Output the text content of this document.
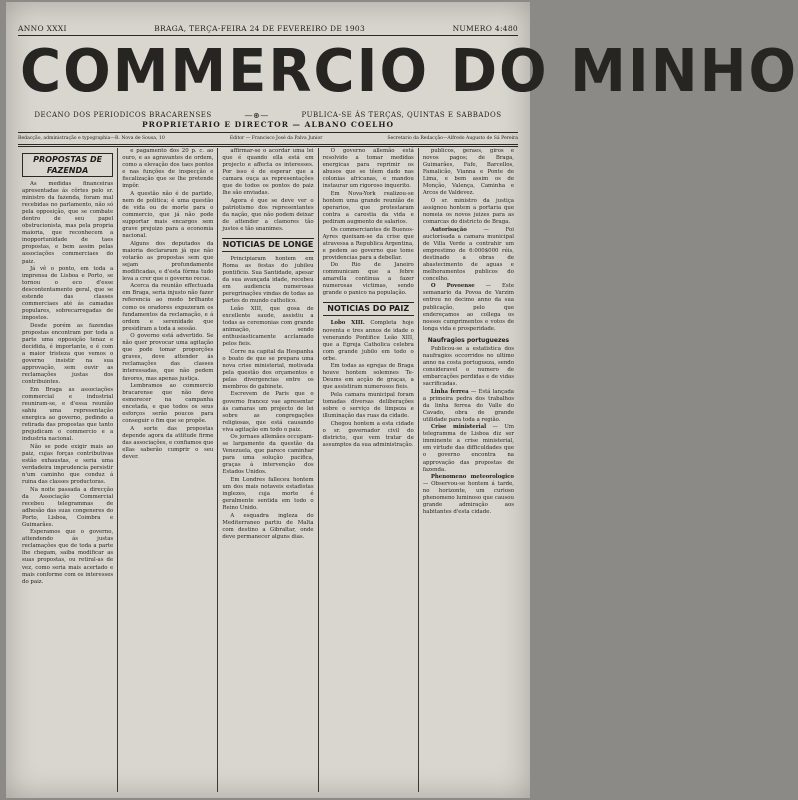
ANNO XXXI	BRAGA, TERÇA-FEIRA 24 DE FEVEREIRO DE 1903	NUMERO 4:480
COMMERCIO DO MINHO
DECANO DOS PERIODICOS BRACARENSES	—⊛—	PUBLICA-SE ÁS TERÇAS, QUINTAS E SABBADOS
PROPRIETARIO E DIRECTOR — ALBANO COELHO
Redacção, administração e typographia—R. Nova de Sousa, 10	Editor — Francisco José da Palva Junior	Secretario da Redacção—Alfredo Augusto de Sá Pereira
PROPOSTAS DE FAZENDA

As medidas financeiras apresentadas ás côrtes pelo sr. ministro da fazenda, foram mal recebidas no parlamento, não só pela opposição, que se combate dentro de seu papel obstrucionista, mas pela propria maioria, que reconhecem a inopportunidade de taes propostas, e bem assim pelas associações commerciaes do paiz.

Já vê o ponto, em toda a imprensa de Lisboa e Porto, se tornou o eco d'esse descontentamento geral, que se estende das classes commerciaes até ás camadas populares, sobrecarregadas de impostos.

Desde porém as fazendas propostas encontram por toda a parte uma opposição tenaz e decidida, é importante, e é com a maior tristeza que vemos o governo insistir na sua approvação, sem ouvir as reclamações justas dos contribuintes.

Em Braga as associações commercial e industrial reuniram-se, e d'essa reunião sahiu uma representação energica ao governo, pedindo a retirada das propostas que tanto prejudicam o commercio e a industria nacional.

Não se pode exigir mais ao paiz, cujas forças contributivas estão exhaustas, e seria uma verdadeira imprudencia persistir n'um caminho que conduz á ruina das classes productoras.

Na noite passada a direcção da Associação Commercial recebeu telegrammas de adhesão das suas congeneres do Porto, Lisboa, Coimbra e Guimarães.

Esperamos que o governo, attendendo ás justas reclamações que de toda a parte lhe chegam, saiba modificar as suas propostas, ou retiral-as de vez, como seria mais acertado e mais conforme com os interesses do paiz.

e pagamento dos 20 p. c. ao ouro, e as agravantes de ordem, como a elevação dos taes pontos e nas funções de inspecção e fiscalização que se lhe pretende impôr.

A questão não é de partido, nem de politica; é uma questão de vida ou de morte para o commercio, que já não pode supportar mais encargos sem grave prejuizo para a economia nacional.

Alguns dos deputados da maioria declararam já que não votarão as propostas sem que sejam profundamente modificadas, e d'esta fórma tudo leva a crer que o governo recue.

Acerca da reunião effectuada em Braga, seria injusto não fazer referencia ao modo brilhante como os oradores expuzeram os fundamentos da reclamação, e á ordem e serenidade que presidiram a toda a sessão.

O governo está advertido. Se não quer provocar uma agitação que pode tomar proporções graves, deve attender ás reclamações das classes interessadas, que não pedem favores, mas apenas justiça.

Lembramos ao commercio bracarense que não deve esmorecer na campanha encetada, e que todos os seus esforços serão poucos para conseguir o fim que se propõe.

A sorte das propostas depende agora da attitude firme das associações, e confiamos que ellas saberão cumprir o seu dever.

affirmar-se o acordar uma lei que é quando ella está em projecto e affecta os interesses. Por isso é de esperar que a camara ouça as representações que de todos os pontos do paiz lhe são enviadas.

Agora é que se deve ver o patriotismo dos representantes da nação, que não podem deixar de attender a clamores tão justos e tão unanimes.

NOTICIAS DE LONGE

Principiaram hontem em Roma as festas do jubileu pontificio. Sua Santidade, apesar da sua avançada idade, recebeu em audiencia numerosas peregrinações vindas de todas as partes do mundo catholico.

Leão XIII, que gosa de excellente saude, assistiu a todas as ceremonias com grande animação, sendo enthusiasticamente acclamado pelos fieis.

Corre na capital da Hespanha o boato de que se prepara uma nova crise ministerial, motivada pela questão dos orçamentos e pelas divergencias entre os membros do gabinete.

Escrevem de Paris que o governo francez vae apresentar ás camaras um projecto de lei sobre as congregações religiosas, que está causando viva agitação em todo o paiz.

Os jornaes allemães occupam-se largamente da questão da Venezuela, que parece caminhar para uma solução pacifica, graças á intervenção dos Estados Unidos.

Em Londres falleceu hontem um dos mais notaveis estadistas inglezes, cuja morte é geralmente sentida em todo o Reino Unido.

A esquadra ingleza do Mediterraneo partiu de Malta com destino a Gibraltar, onde deve permanecer alguns dias.

O governo allemão está resolvido a tomar medidas energicas para reprimir os abusos que se têem dado nas colonias africanas, e mandou instaurar um rigoroso inquerito.

Em Nova-York realizou-se hontem uma grande reunião de operarios, que protestaram contra a carestia da vida e pediram augmento de salarios.

Os commerciantes de Buenos-Ayres queixam-se da crise que atravessa a Republica Argentina, e pedem ao governo que tome providencias para a debellar.

Do Rio de Janeiro communicam que a febre amarella continua a fazer numerosas victimas, sendo grande o panico na população.

NOTICIAS DO PAIZ

Lobo XIII. Completa hoje noventa e tres annos de idade o venerando Pontifice Leão XIII, que a Egreja Catholica celebra com grande jubilo em todo o orbe.

Em todas as egrejas de Braga houve hontem solemnes Te-Deums em acção de graças, a que assistiram numerosos fieis.

Pela camara municipal foram tomadas diversas deliberações sobre o serviço de limpeza e illuminação das ruas da cidade.

Chegou hontem a esta cidade o sr. governador civil do districto, que vem tratar de assumptos da sua administração.

publicos, geraes, giros e novos pagos; de Braga, Guimarães, Fafe, Barcellos, Famalicão, Vianna e Ponte de Lima, e bem assim os de Monção, Valença, Caminha e Arcos de Valdevez.

O sr. ministro da justiça assignou hontem a portaria que nomeia os novos juizes para as comarcas do districto de Braga.

Autorisação — Foi auctorisada a camara municipal de Villa Verde a contrahir um emprestimo de 6:000$000 réis, destinado a obras de abastecimento de aguas e melhoramentos publicos do concelho.

O Povoense — Este semanario da Povoa de Varzim entrou no decimo anno da sua publicação, pelo que endereçamos ao collega os nossos cumprimentos e votos de longa vida e prosperidade.

Naufragios portuguezes

Publicou-se a estatistica dos naufragios occorridos no ultimo anno na costa portugueza, sendo consideravel o numero de embarcações perdidas e de vidas sacrificadas.

Linha ferrea — Está lançada a primeira pedra dos trabalhos da linha ferrea do Valle do Cavado, obra de grande utilidade para toda a região.

Crise ministerial — Um telegramma de Lisboa diz ser imminente a crise ministerial, em virtude das difficuldades que o governo encontra na approvação das propostas de fazenda.

Phenomeno meteorologico — Observou-se hontem á tarde, no horizonte, um curioso phenomeno luminoso que causou grande admiração aos habitantes d'esta cidade.
